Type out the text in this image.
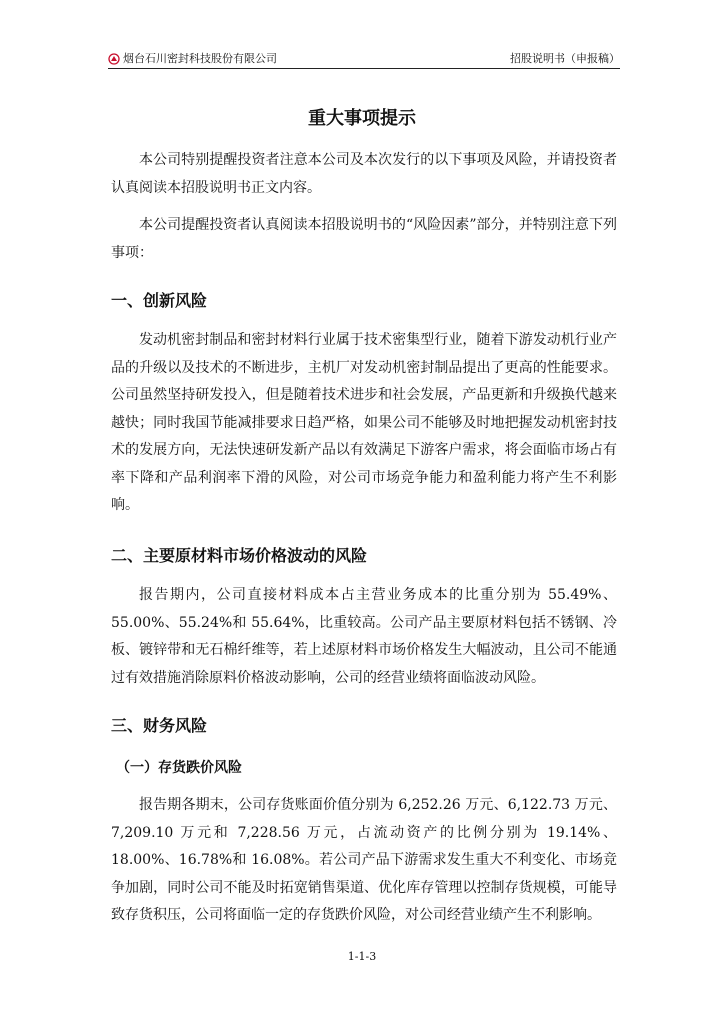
烟台石川密封科技股份有限公司	招股说明书（申报稿）
重大事项提示

本公司特别提醒投资者注意本公司及本次发行的以下事项及风险，并请投资者认真阅读本招股说明书正文内容。

本公司提醒投资者认真阅读本招股说明书的“风险因素”部分，并特别注意下列事项：

一、创新风险

发动机密封制品和密封材料行业属于技术密集型行业，随着下游发动机行业产品的升级以及技术的不断进步，主机厂对发动机密封制品提出了更高的性能要求。公司虽然坚持研发投入，但是随着技术进步和社会发展，产品更新和升级换代越来越快；同时我国节能减排要求日趋严格，如果公司不能够及时地把握发动机密封技术的发展方向，无法快速研发新产品以有效满足下游客户需求，将会面临市场占有率下降和产品利润率下滑的风险，对公司市场竞争能力和盈利能力将产生不利影响。

二、主要原材料市场价格波动的风险

报告期内，公司直接材料成本占主营业务成本的比重分别为 55.49%、55.00%、55.24%和 55.64%，比重较高。公司产品主要原材料包括不锈钢、冷板、镀锌带和无石棉纤维等，若上述原材料市场价格发生大幅波动，且公司不能通过有效措施消除原料价格波动影响，公司的经营业绩将面临波动风险。

三、财务风险
（一）存货跌价风险

报告期各期末，公司存货账面价值分别为 6,252.26 万元、6,122.73 万元、7,209.10 万元和 7,228.56 万元，占流动资产的比例分别为 19.14%、18.00%、16.78%和 16.08%。若公司产品下游需求发生重大不利变化、市场竞争加剧，同时公司不能及时拓宽销售渠道、优化库存管理以控制存货规模，可能导致存货积压，公司将面临一定的存货跌价风险，对公司经营业绩产生不利影响。

1-1-3
